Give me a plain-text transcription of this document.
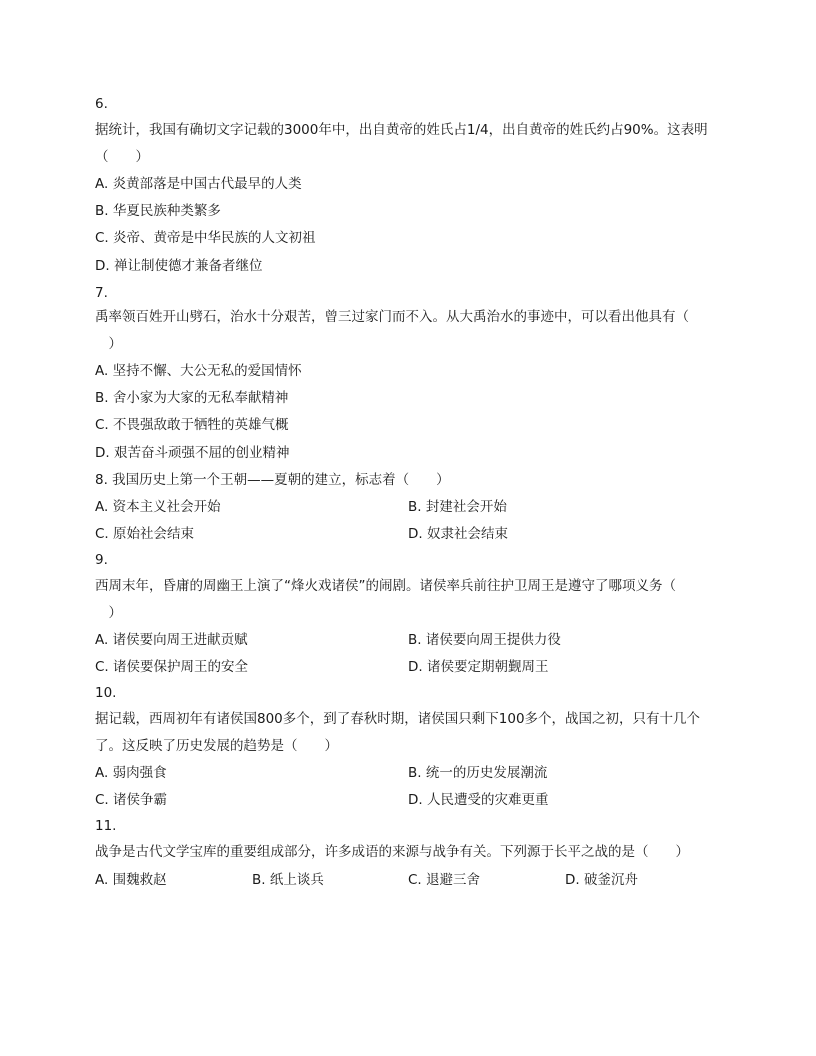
6.
据统计，我国有确切文字记载的3000年中，出自黄帝的姓氏占1/4，出自黄帝的姓氏约占90%。这表明
（　　）
A. 炎黄部落是中国古代最早的人类
B. 华夏民族种类繁多
C. 炎帝、黄帝是中华民族的人文初祖
D. 禅让制使德才兼备者继位
7.
禹率领百姓开山劈石，治水十分艰苦，曾三过家门而不入。从大禹治水的事迹中，可以看出他具有（
　）
A. 坚持不懈、大公无私的爱国情怀
B. 舍小家为大家的无私奉献精神
C. 不畏强敌敢于牺牲的英雄气概
D. 艰苦奋斗顽强不屈的创业精神
8. 我国历史上第一个王朝——夏朝的建立，标志着（　　）
A. 资本主义社会开始	B. 封建社会开始
C. 原始社会结束	D. 奴隶社会结束
9.
西周末年，昏庸的周幽王上演了“烽火戏诸侯”的闹剧。诸侯率兵前往护卫周王是遵守了哪项义务（
　）
A. 诸侯要向周王进献贡赋	B. 诸侯要向周王提供力役
C. 诸侯要保护周王的安全	D. 诸侯要定期朝觐周王
10.
据记载，西周初年有诸侯国800多个，到了春秋时期，诸侯国只剩下100多个，战国之初，只有十几个
了。这反映了历史发展的趋势是（　　）
A. 弱肉强食	B. 统一的历史发展潮流
C. 诸侯争霸	D. 人民遭受的灾难更重
11.
战争是古代文学宝库的重要组成部分，许多成语的来源与战争有关。下列源于长平之战的是（　　）
A. 围魏救赵	B. 纸上谈兵	C. 退避三舍	D. 破釜沉舟
